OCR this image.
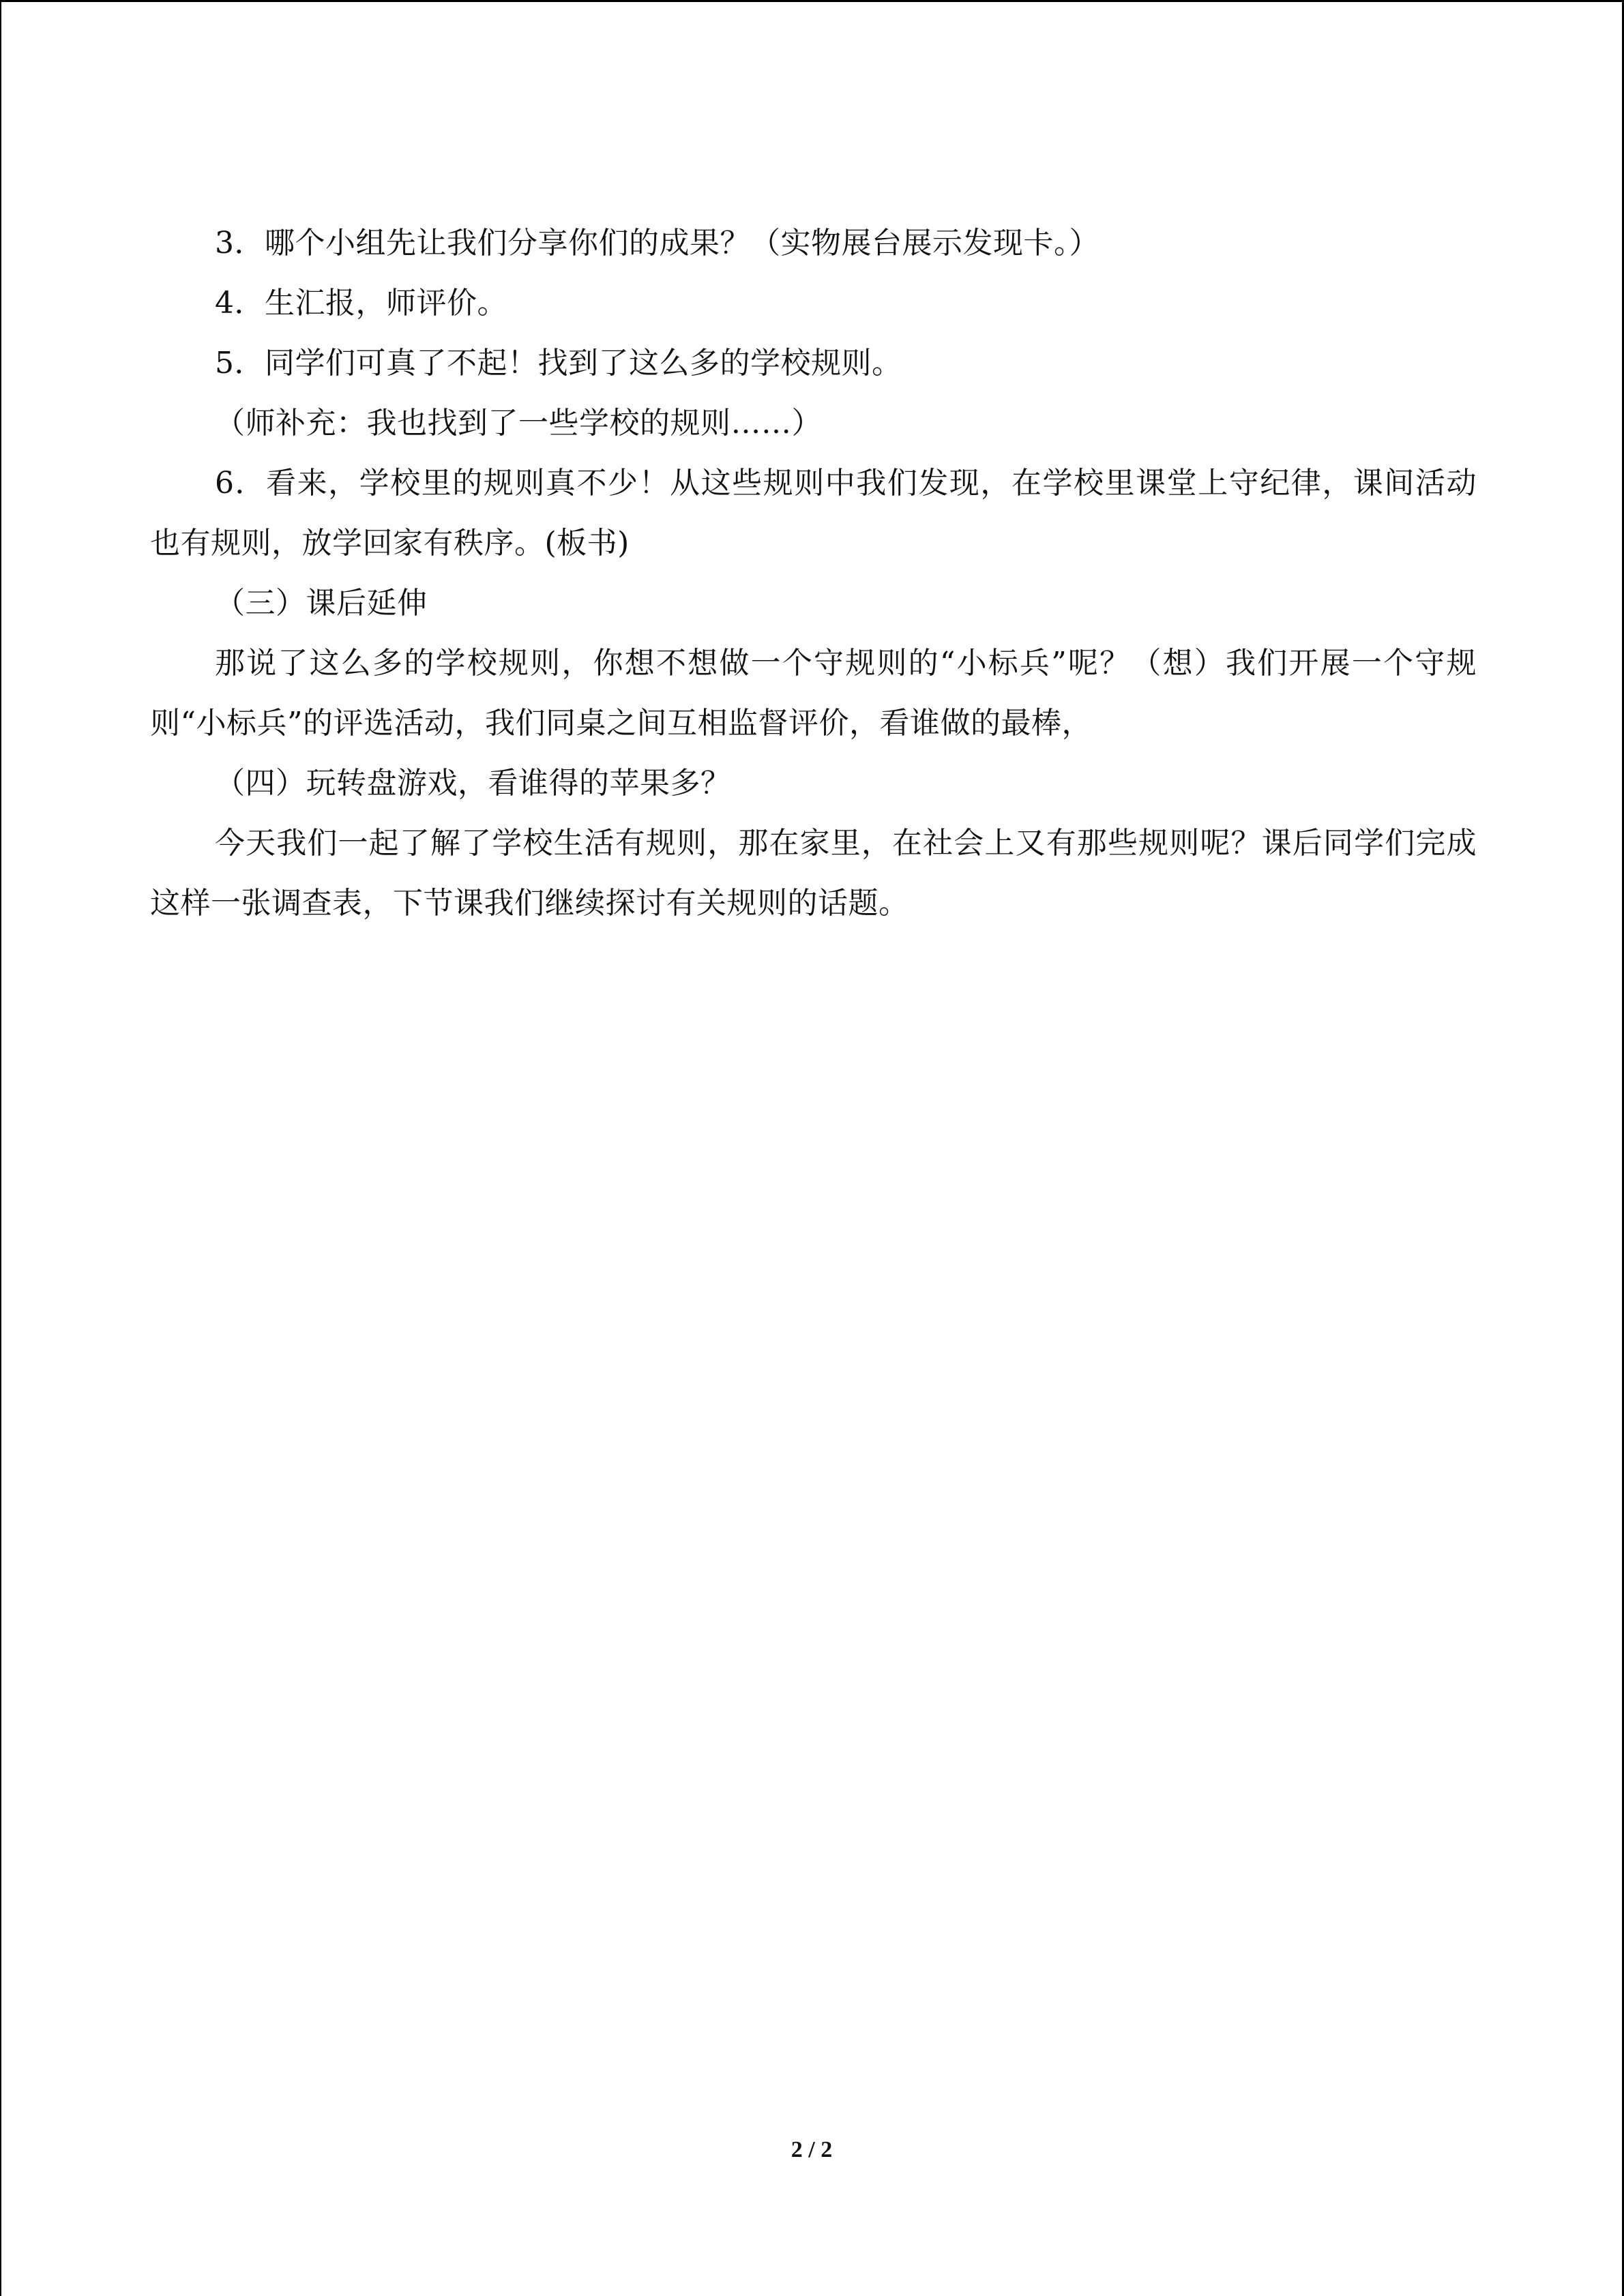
3．哪个小组先让我们分享你们的成果？（实物展台展示发现卡。）

4．生汇报，师评价。

5．同学们可真了不起！找到了这么多的学校规则。

（师补充：我也找到了一些学校的规则……）

6．看来，学校里的规则真不少！从这些规则中我们发现，在学校里课堂上守纪律，课间活动也有规则，放学回家有秩序。(板书)

（三）课后延伸

那说了这么多的学校规则，你想不想做一个守规则的“小标兵”呢？（想）我们开展一个守规则“小标兵”的评选活动，我们同桌之间互相监督评价，看谁做的最棒，

（四）玩转盘游戏，看谁得的苹果多？

今天我们一起了解了学校生活有规则，那在家里，在社会上又有那些规则呢？课后同学们完成这样一张调查表，下节课我们继续探讨有关规则的话题。

2 / 2
